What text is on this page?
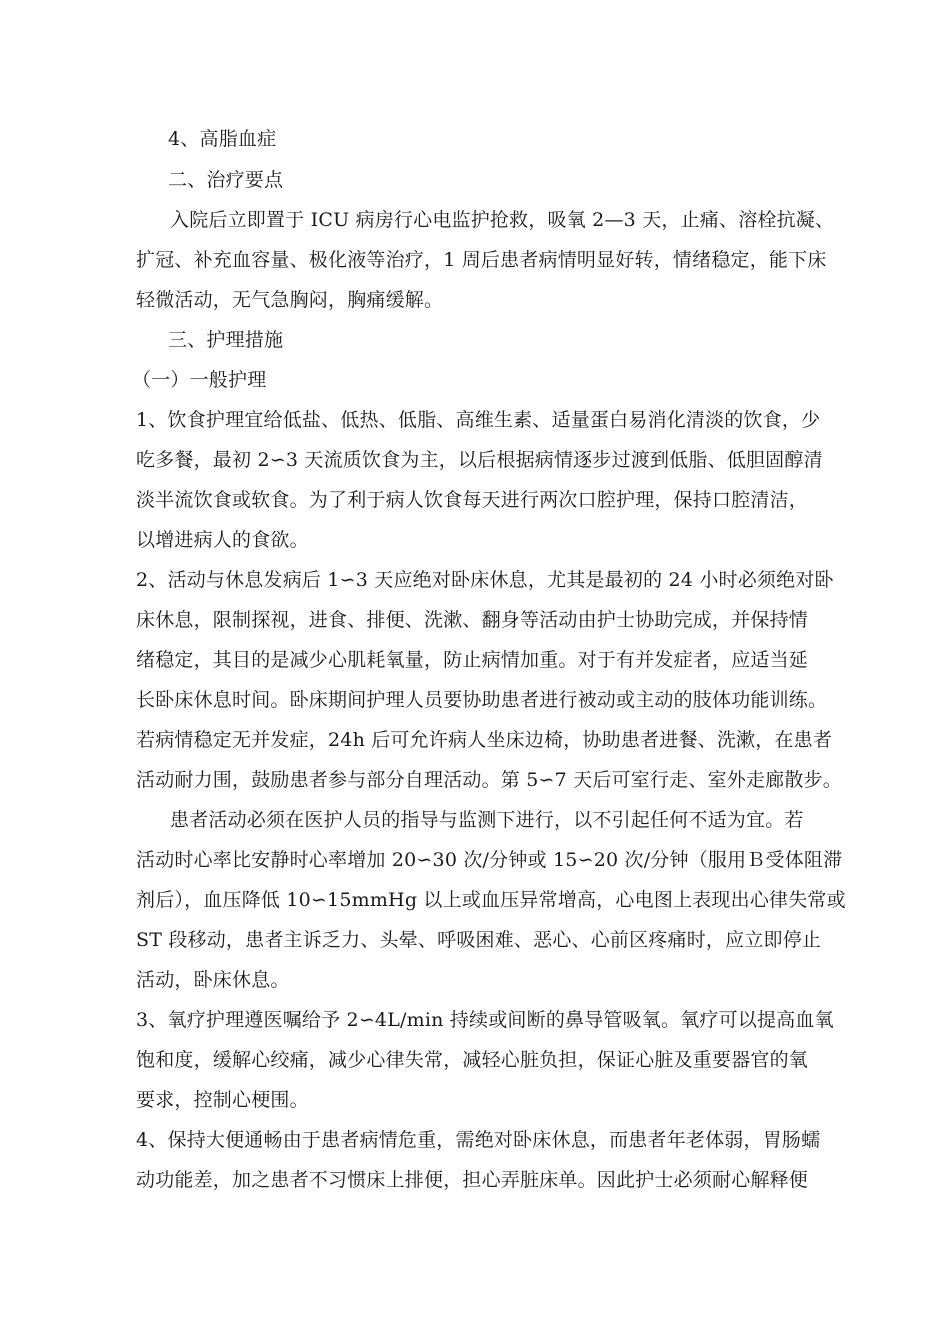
4、高脂血症
二、治疗要点
入院后立即置于 ICU 病房行心电监护抢救，吸氧 2—3 天，止痛、溶栓抗凝、
扩冠、补充血容量、极化液等治疗，1 周后患者病情明显好转，情绪稳定，能下床
轻微活动，无气急胸闷，胸痛缓解。
三、护理措施
（一）一般护理
1、饮食护理宜给低盐、低热、低脂、高维生素、适量蛋白易消化清淡的饮食，少
吃多餐，最初 2∽3 天流质饮食为主，以后根据病情逐步过渡到低脂、低胆固醇清
淡半流饮食或软食。为了利于病人饮食每天进行两次口腔护理，保持口腔清洁，
以增进病人的食欲。
2、活动与休息发病后 1∽3 天应绝对卧床休息，尤其是最初的 24 小时必须绝对卧
床休息，限制探视，进食、排便、洗漱、翻身等活动由护士协助完成，并保持情
绪稳定，其目的是减少心肌耗氧量，防止病情加重。对于有并发症者，应适当延
长卧床休息时间。卧床期间护理人员要协助患者进行被动或主动的肢体功能训练。
若病情稳定无并发症，24h 后可允许病人坐床边椅，协助患者进餐、洗漱，在患者
活动耐力围，鼓励患者参与部分自理活动。第 5∽7 天后可室行走、室外走廊散步。
患者活动必须在医护人员的指导与监测下进行，以不引起任何不适为宜。若
活动时心率比安静时心率增加 20∽30 次/分钟或 15∽20 次/分钟（服用Ｂ受体阻滞
剂后），血压降低 10∽15mmHg 以上或血压异常增高，心电图上表现出心律失常或
ST 段移动，患者主诉乏力、头晕、呼吸困难、恶心、心前区疼痛时，应立即停止
活动，卧床休息。
3、氧疗护理遵医嘱给予 2∽4L/min 持续或间断的鼻导管吸氧。氧疗可以提高血氧
饱和度，缓解心绞痛，减少心律失常，减轻心脏负担，保证心脏及重要器官的氧
要求，控制心梗围。
4、保持大便通畅由于患者病情危重，需绝对卧床休息，而患者年老体弱，胃肠蠕
动功能差，加之患者不习惯床上排便，担心弄脏床单。因此护士必须耐心解释便
